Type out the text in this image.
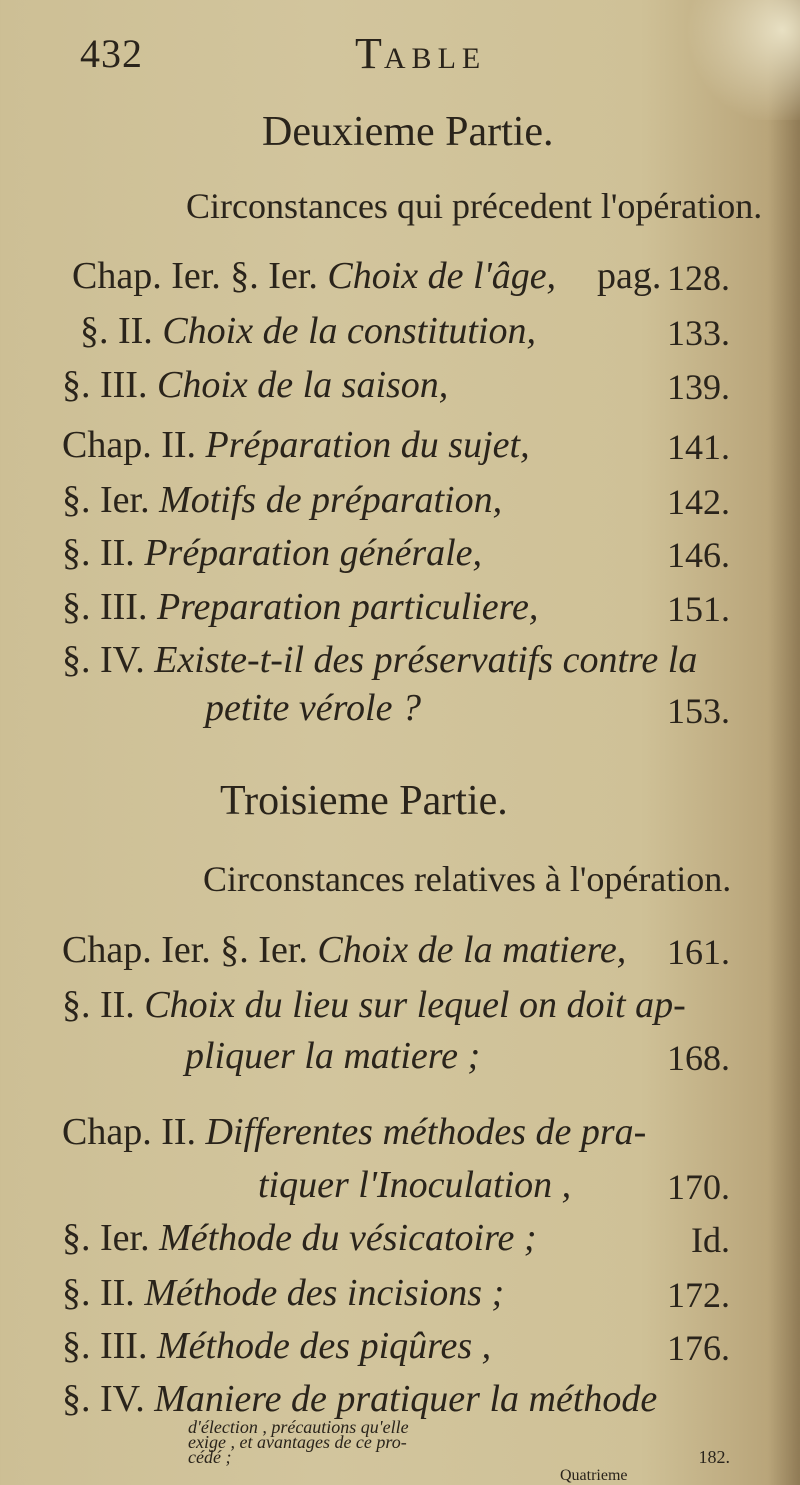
432	TABLE
Deuxieme Partie.
Circonstances qui précedent l'opération.
Chap. Ier. §. Ier. Choix de l'âge, pag. 128.
§. II. Choix de la constitution,	133.
§. III. Choix de la saison,	139.
Chap. II. Préparation du sujet,	141.
§. Ier. Motifs de préparation,	142.
§. II. Préparation générale,	146.
§. III. Preparation particuliere,	151.
§. IV. Existe-t-il des préservatifs contre la
petite vérole ?	153.
Troisieme Partie.
Circonstances relatives à l'opération.
Chap. Ier. §. Ier. Choix de la matiere, 161.
§. II. Choix du lieu sur lequel on doit ap-
pliquer la matiere ;	168.
Chap. II. Differentes méthodes de pra-
tiquer l'Inoculation ,	170.
§. Ier. Méthode du vésicatoire ;	Id.
§. II. Méthode des incisions ;	172.
§. III. Méthode des piqûres ,	176.
§. IV. Maniere de pratiquer la méthode
d'élection , précautions qu'elle
exige , et avantages de ce pro-
cédé ;	182.
Quatrieme
